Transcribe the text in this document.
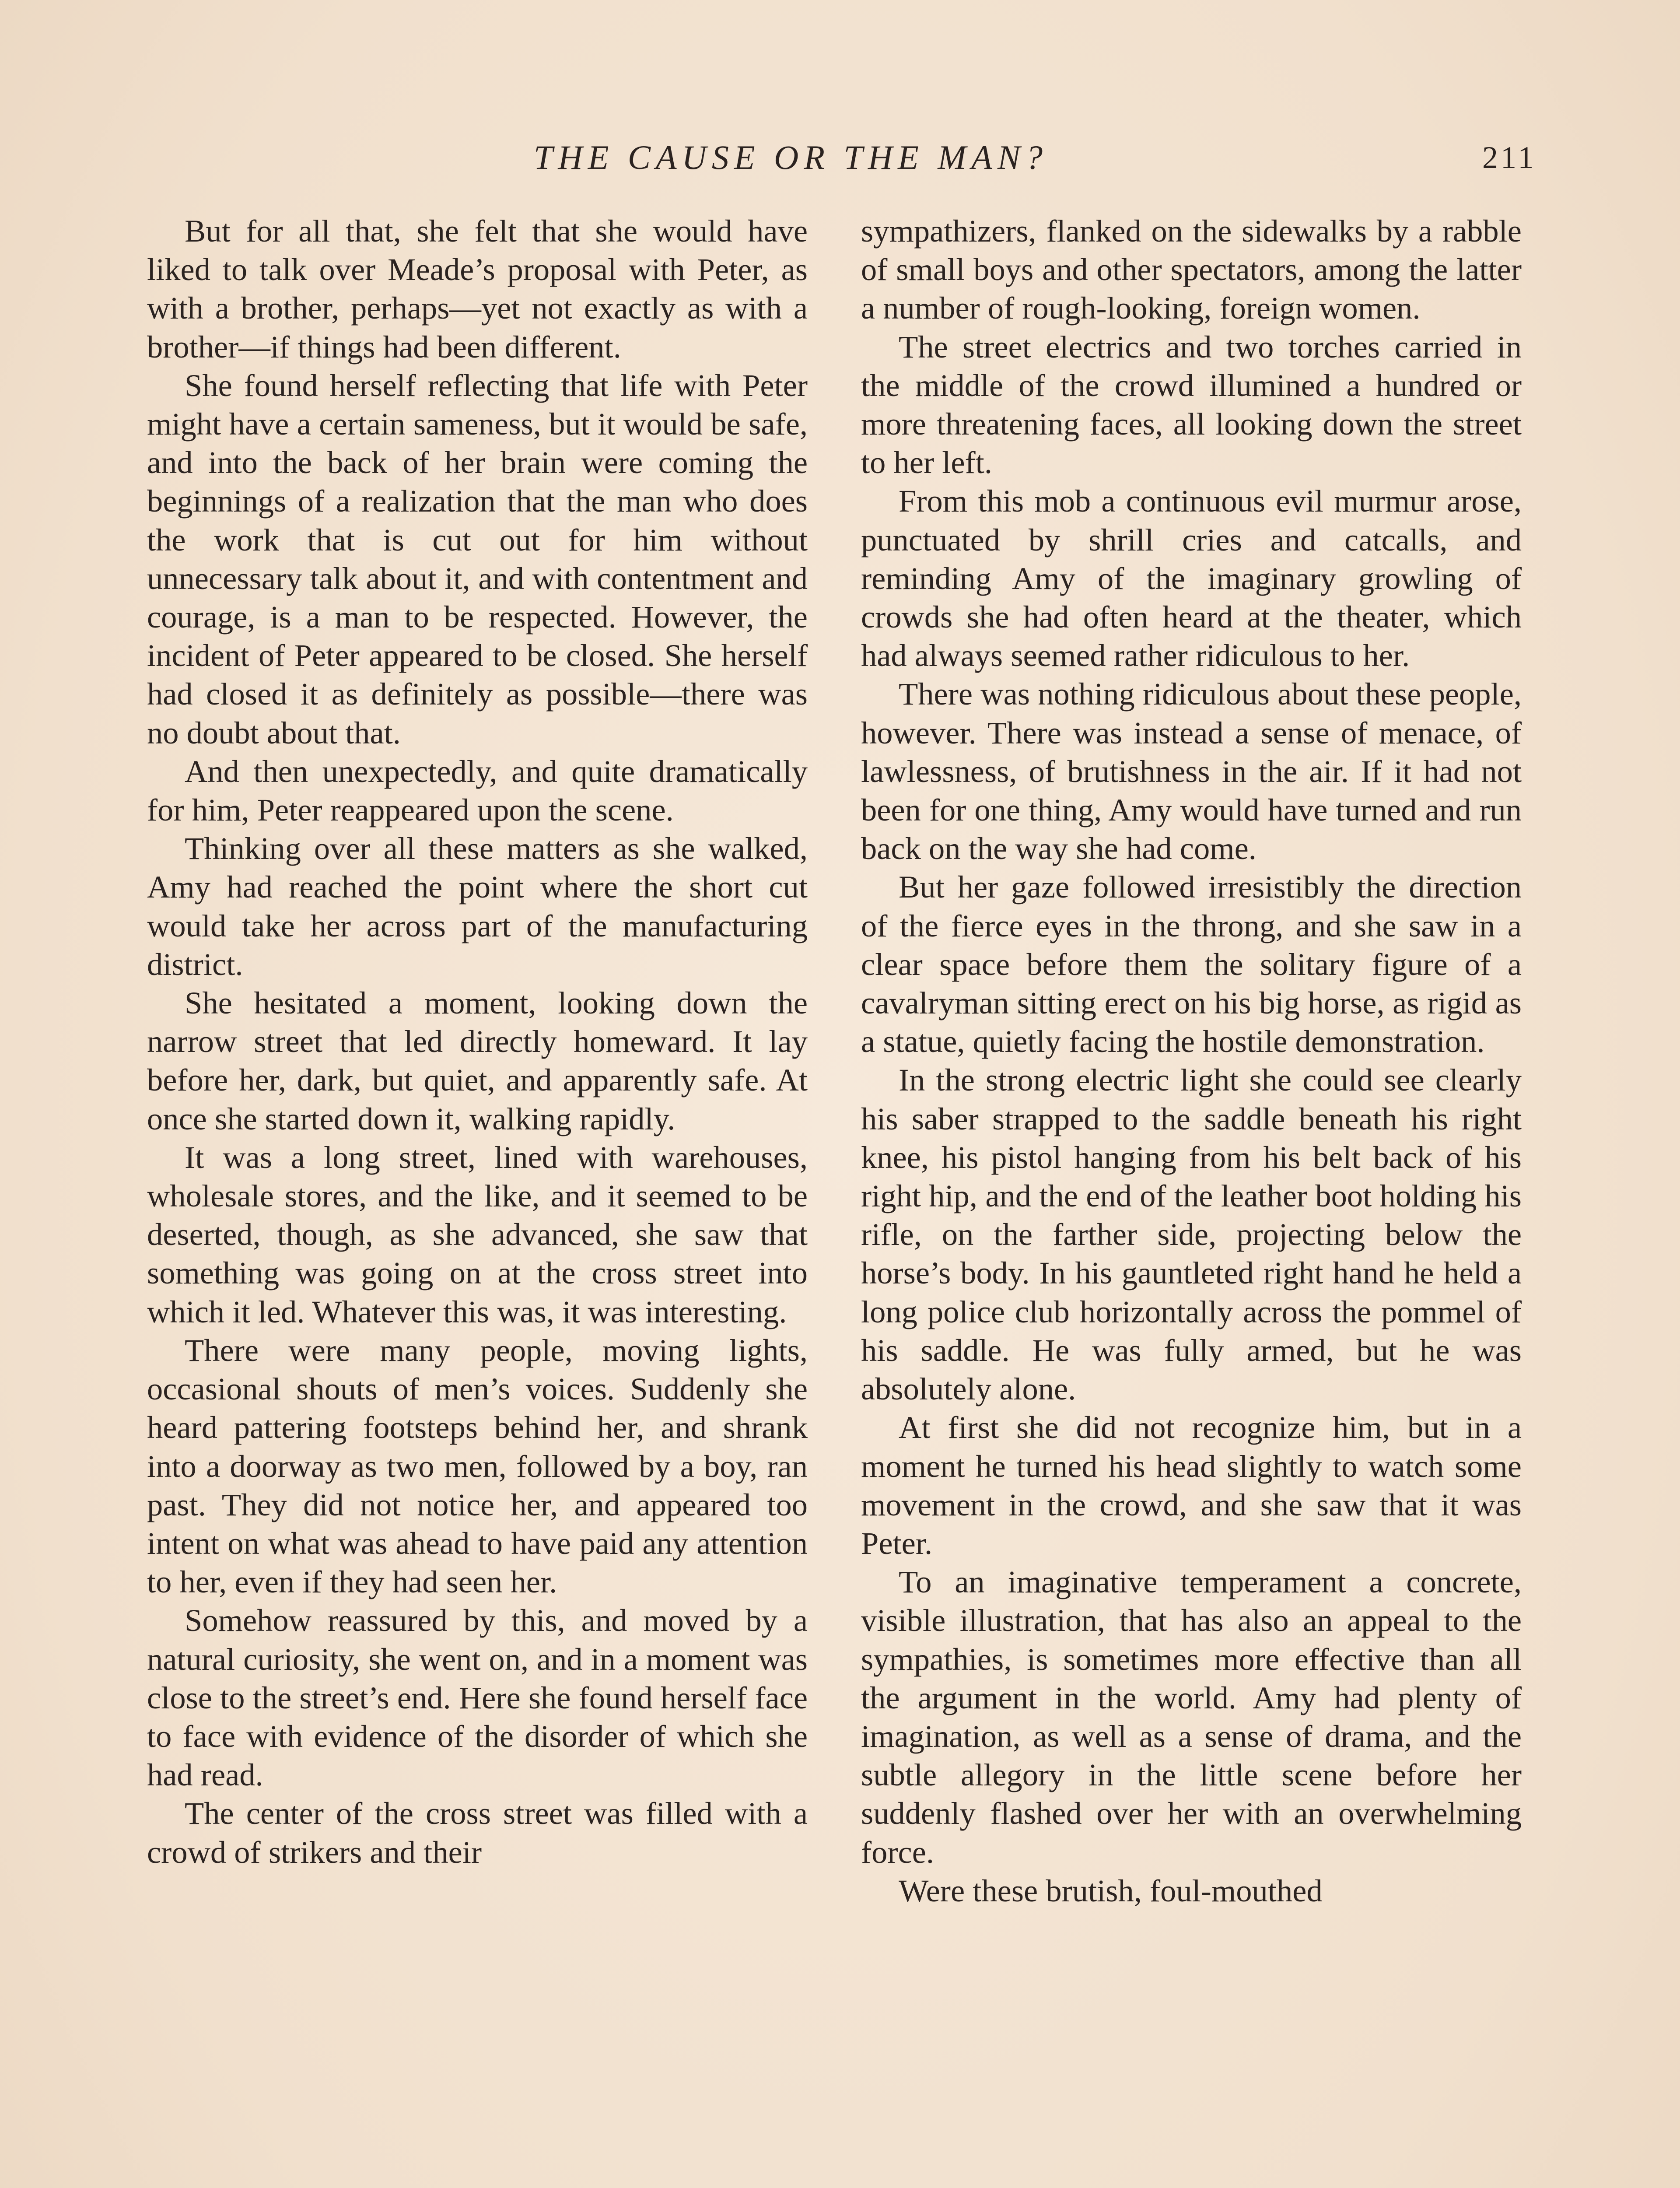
THE CAUSE OR THE MAN?	211

But for all that, she felt that she would have liked to talk over Meade’s proposal with Peter, as with a brother, perhaps—yet not exactly as with a brother—if things had been different.

She found herself reflecting that life with Peter might have a certain sameness, but it would be safe, and into the back of her brain were coming the beginnings of a realization that the man who does the work that is cut out for him without unnecessary talk about it, and with contentment and courage, is a man to be respected. However, the incident of Peter appeared to be closed. She herself had closed it as definitely as possible—there was no doubt about that.

And then unexpectedly, and quite dramatically for him, Peter reappeared upon the scene.

Thinking over all these matters as she walked, Amy had reached the point where the short cut would take her across part of the manufacturing district.

She hesitated a moment, looking down the narrow street that led directly homeward. It lay before her, dark, but quiet, and apparently safe. At once she started down it, walking rapidly.

It was a long street, lined with warehouses, wholesale stores, and the like, and it seemed to be deserted, though, as she advanced, she saw that something was going on at the cross street into which it led. Whatever this was, it was interesting.

There were many people, moving lights, occasional shouts of men’s voices. Suddenly she heard pattering footsteps behind her, and shrank into a doorway as two men, followed by a boy, ran past. They did not notice her, and appeared too intent on what was ahead to have paid any attention to her, even if they had seen her.

Somehow reassured by this, and moved by a natural curiosity, she went on, and in a moment was close to the street’s end. Here she found herself face to face with evidence of the disorder of which she had read.

The center of the cross street was filled with a crowd of strikers and their

sympathizers, flanked on the sidewalks by a rabble of small boys and other spectators, among the latter a number of rough-looking, foreign women.

The street electrics and two torches carried in the middle of the crowd illumined a hundred or more threatening faces, all looking down the street to her left.

From this mob a continuous evil murmur arose, punctuated by shrill cries and catcalls, and reminding Amy of the imaginary growling of crowds she had often heard at the theater, which had always seemed rather ridiculous to her.

There was nothing ridiculous about these people, however. There was instead a sense of menace, of lawlessness, of brutishness in the air. If it had not been for one thing, Amy would have turned and run back on the way she had come.

But her gaze followed irresistibly the direction of the fierce eyes in the throng, and she saw in a clear space before them the solitary figure of a cavalryman sitting erect on his big horse, as rigid as a statue, quietly facing the hostile demonstration.

In the strong electric light she could see clearly his saber strapped to the saddle beneath his right knee, his pistol hanging from his belt back of his right hip, and the end of the leather boot holding his rifle, on the farther side, projecting below the horse’s body. In his gauntleted right hand he held a long police club horizontally across the pommel of his saddle. He was fully armed, but he was absolutely alone.

At first she did not recognize him, but in a moment he turned his head slightly to watch some movement in the crowd, and she saw that it was Peter.

To an imaginative temperament a concrete, visible illustration, that has also an appeal to the sympathies, is sometimes more effective than all the argument in the world. Amy had plenty of imagination, as well as a sense of drama, and the subtle allegory in the little scene before her suddenly flashed over her with an overwhelming force.

Were these brutish, foul-mouthed
